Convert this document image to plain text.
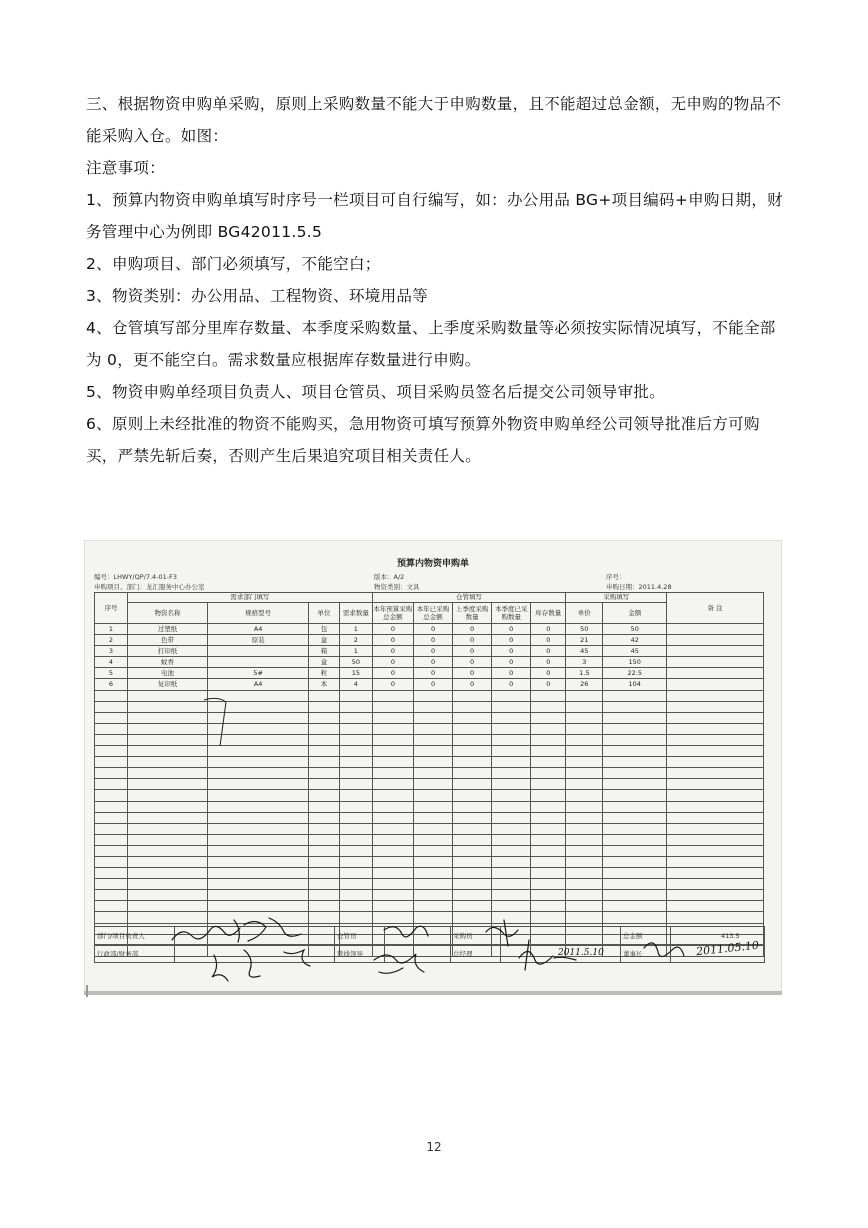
三、根据物资申购单采购，原则上采购数量不能大于申购数量，且不能超过总金额，无申购的物品不能采购入仓。如图：

注意事项：

1、预算内物资申购单填写时序号一栏项目可自行编写，如：办公用品 BG+项目编码+申购日期，财务管理中心为例即 BG42011.5.5

2、申购项目、部门必须填写，不能空白；

3、物资类别：办公用品、工程物资、环境用品等

4、仓管填写部分里库存数量、本季度采购数量、上季度采购数量等必须按实际情况填写，不能全部为 0，更不能空白。需求数量应根据库存数量进行申购。

5、物资申购单经项目负责人、项目仓管员、项目采购员签名后提交公司领导审批。

6、原则上未经批准的物资不能购买，急用物资可填写预算外物资申购单经公司领导批准后方可购买，严禁先斩后奏，否则产生后果追究项目相关责任人。

预算内物资申购单
编号：LHWY/QP/7.4-01-F3	版本：A/2	序号：
申购项目、部门：龙汇服务中心办公室	物资类别：文具	申购日期：2011.4.28
序号	需求部门填写				仓管填写					采购填写		备 注
	物资名称	规格型号	单位	需求数量	本年预算采购总金额	本年已采购总金额	上季度采购数量	本季度已采购数量	库存数量	单价	金额	
1	过塑纸	A4	包	1	0	0	0	0	0	50	50	
2	色带	原装	盒	2	0	0	0	0	0	21	42	
3	打印纸		箱	1	0	0	0	0	0	45	45	
4	蚊香		盒	50	0	0	0	0	0	3	150	
5	电池	5#	粒	15	0	0	0	0	0	1.5	22.5	
6	复印纸	A4	本	4	0	0	0	0	0	26	104	

部门/项目负责人		仓管员		采购员		总金额	413.5
行政部/财务部		管线领导		总经理		董事长	
2011.5.10	2011.05.10
12
